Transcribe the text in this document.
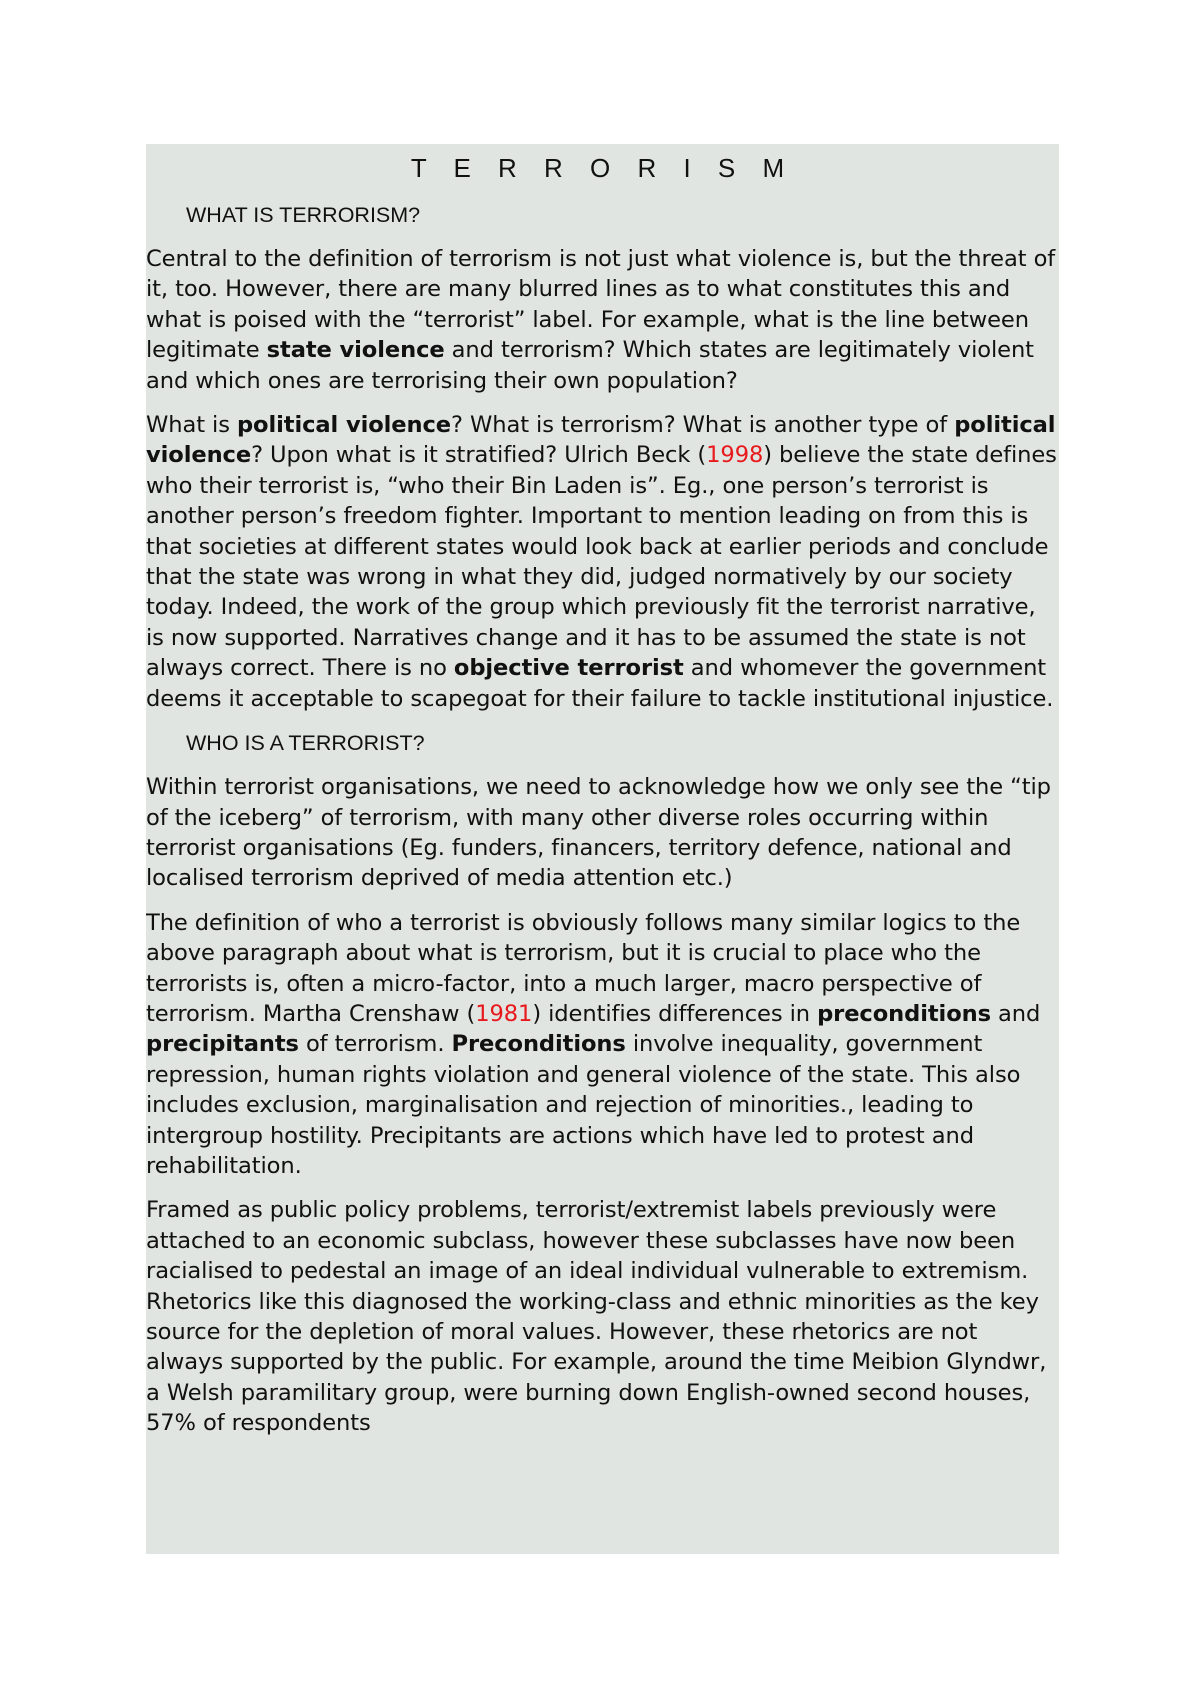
T E R R O R I S M
WHAT IS TERRORISM?

Central to the definition of terrorism is not just what violence is, but the threat of it, too. However, there are many blurred lines as to what constitutes this and what is poised with the “terrorist” label. For example, what is the line between legitimate state violence and terrorism? Which states are legitimately violent and which ones are terrorising their own population?

What is political violence? What is terrorism? What is another type of political violence? Upon what is it stratified? Ulrich Beck (1998) believe the state defines who their terrorist is, “who their Bin Laden is”. Eg., one person’s terrorist is another person’s freedom fighter. Important to mention leading on from this is that societies at different states would look back at earlier periods and conclude that the state was wrong in what they did, judged normatively by our society today. Indeed, the work of the group which previously fit the terrorist narrative, is now supported. Narratives change and it has to be assumed the state is not always correct. There is no objective terrorist and whomever the government deems it acceptable to scapegoat for their failure to tackle institutional injustice.

WHO IS A TERRORIST?

Within terrorist organisations, we need to acknowledge how we only see the “tip of the iceberg” of terrorism, with many other diverse roles occurring within terrorist organisations (Eg. funders, financers, territory defence, national and localised terrorism deprived of media attention etc.)

The definition of who a terrorist is obviously follows many similar logics to the above paragraph about what is terrorism, but it is crucial to place who the terrorists is, often a micro-factor, into a much larger, macro perspective of terrorism. Martha Crenshaw (1981) identifies differences in preconditions and precipitants of terrorism. Preconditions involve inequality, government repression, human rights violation and general violence of the state. This also includes exclusion, marginalisation and rejection of minorities., leading to intergroup hostility. Precipitants are actions which have led to protest and rehabilitation.

Framed as public policy problems, terrorist/extremist labels previously were attached to an economic subclass, however these subclasses have now been racialised to pedestal an image of an ideal individual vulnerable to extremism. Rhetorics like this diagnosed the working-class and ethnic minorities as the key source for the depletion of moral values. However, these rhetorics are not always supported by the public. For example, around the time Meibion Glyndwr, a Welsh paramilitary group, were burning down English-owned second houses, 57% of respondents
